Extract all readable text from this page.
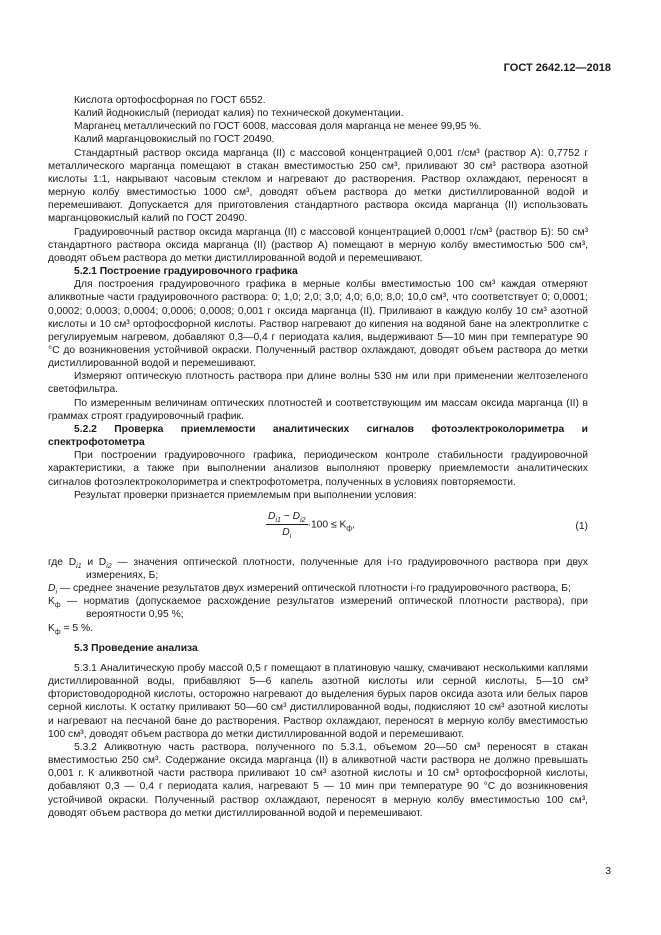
ГОСТ 2642.12—2018

Кислота ортофосфорная по ГОСТ 6552.

Калий йоднокислый (периодат калия) по технической документации.

Марганец металлический по ГОСТ 6008, массовая доля марганца не менее 99,95 %.

Калий марганцовокислый по ГОСТ 20490.

Стандартный раствор оксида марганца (II) с массовой концентрацией 0,001 г/см³ (раствор А): 0,7752 г металлического марганца помещают в стакан вместимостью 250 см³, приливают 30 см³ раствора азотной кислоты 1:1, накрывают часовым стеклом и нагревают до растворения. Раствор охлаждают, переносят в мерную колбу вместимостью 1000 см³, доводят объем раствора до метки дистиллированной водой и перемешивают. Допускается для приготовления стандартного раствора оксида марганца (II) использовать марганцовокислый калий по ГОСТ 20490.

Градуировочный раствор оксида марганца (II) с массовой концентрацией 0,0001 г/см³ (раствор Б): 50 см³ стандартного раствора оксида марганца (II) (раствор А) помещают в мерную колбу вместимостью 500 см³, доводят объем раствора до метки дистиллированной водой и перемешивают.

5.2.1 Построение градуировочного графика

Для построения градуировочного графика в мерные колбы вместимостью 100 см³ каждая отмеряют аликвотные части градуировочного раствора: 0; 1,0; 2,0; 3,0; 4,0; 6,0; 8,0; 10,0 см³, что соответствует 0; 0,0001; 0,0002; 0,0003; 0,0004; 0,0006; 0,0008; 0,001 г оксида марганца (II). Приливают в каждую колбу 10 см³ азотной кислоты и 10 см³ ортофосфорной кислоты. Раствор нагревают до кипения на водяной бане на электроплитке с регулируемым нагревом, добавляют 0,3—0,4 г периодата калия, выдерживают 5—10 мин при температуре 90 °С до возникновения устойчивой окраски. Полученный раствор охлаждают, доводят объем раствора до метки дистиллированной водой и перемешивают.

Измеряют оптическую плотность раствора при длине волны 530 нм или при применении желтозеленого светофильтра.

По измеренным величинам оптических плотностей и соответствующим им массам оксида марганца (II) в граммах строят градуировочный график.

5.2.2 Проверка приемлемости аналитических сигналов фотоэлектроколориметра и спектрофотометра

При построении градуировочного графика, периодическом контроле стабильности градуировочной характеристики, а также при выполнении анализов выполняют проверку приемлемости аналитических сигналов фотоэлектроколориметра и спектрофотометра, полученных в условиях повторяемости.

Результат проверки признается приемлемым при выполнении условия:

$\frac{D_{i1} - D_{i2}}{D_i} \cdot 100 \le K_ф$,	(1)

где $D_{i1}$ и $D_{i2}$ — значения оптической плотности, полученные для i-го градуировочного раствора при двух измерениях, Б;

$D_i$ — среднее значение результатов двух измерений оптической плотности i-го градуировочного раствора, Б;

$K_ф$ — норматив (допускаемое расхождение результатов измерений оптической плотности раствора), при вероятности 0,95 %;

$K_ф = 5$ %.

5.3 Проведение анализа

5.3.1 Аналитическую пробу массой 0,5 г помещают в платиновую чашку, смачивают несколькими каплями дистиллированной воды, прибавляют 5—6 капель азотной кислоты или серной кислоты, 5—10 см³ фтористоводородной кислоты, осторожно нагревают до выделения бурых паров оксида азота или белых паров серной кислоты. К остатку приливают 50—60 см³ дистиллированной воды, подкисляют 10 см³ азотной кислоты и нагревают на песчаной бане до растворения. Раствор охлаждают, переносят в мерную колбу вместимостью 100 см³, доводят объем раствора до метки дистиллированной водой и перемешивают.

5.3.2 Аликвотную часть раствора, полученного по 5.3.1, объемом 20—50 см³ переносят в стакан вместимостью 250 см³. Содержание оксида марганца (II) в аликвотной части раствора не должно превышать 0,001 г. К аликвотной части раствора приливают 10 см³ азотной кислоты и 10 см³ ортофосфорной кислоты, добавляют 0,3 — 0,4 г периодата калия, нагревают 5 — 10 мин при температуре 90 °С до возникновения устойчивой окраски. Полученный раствор охлаждают, переносят в мерную колбу вместимостью 100 см³, доводят объем раствора до метки дистиллированной водой и перемешивают.

3
